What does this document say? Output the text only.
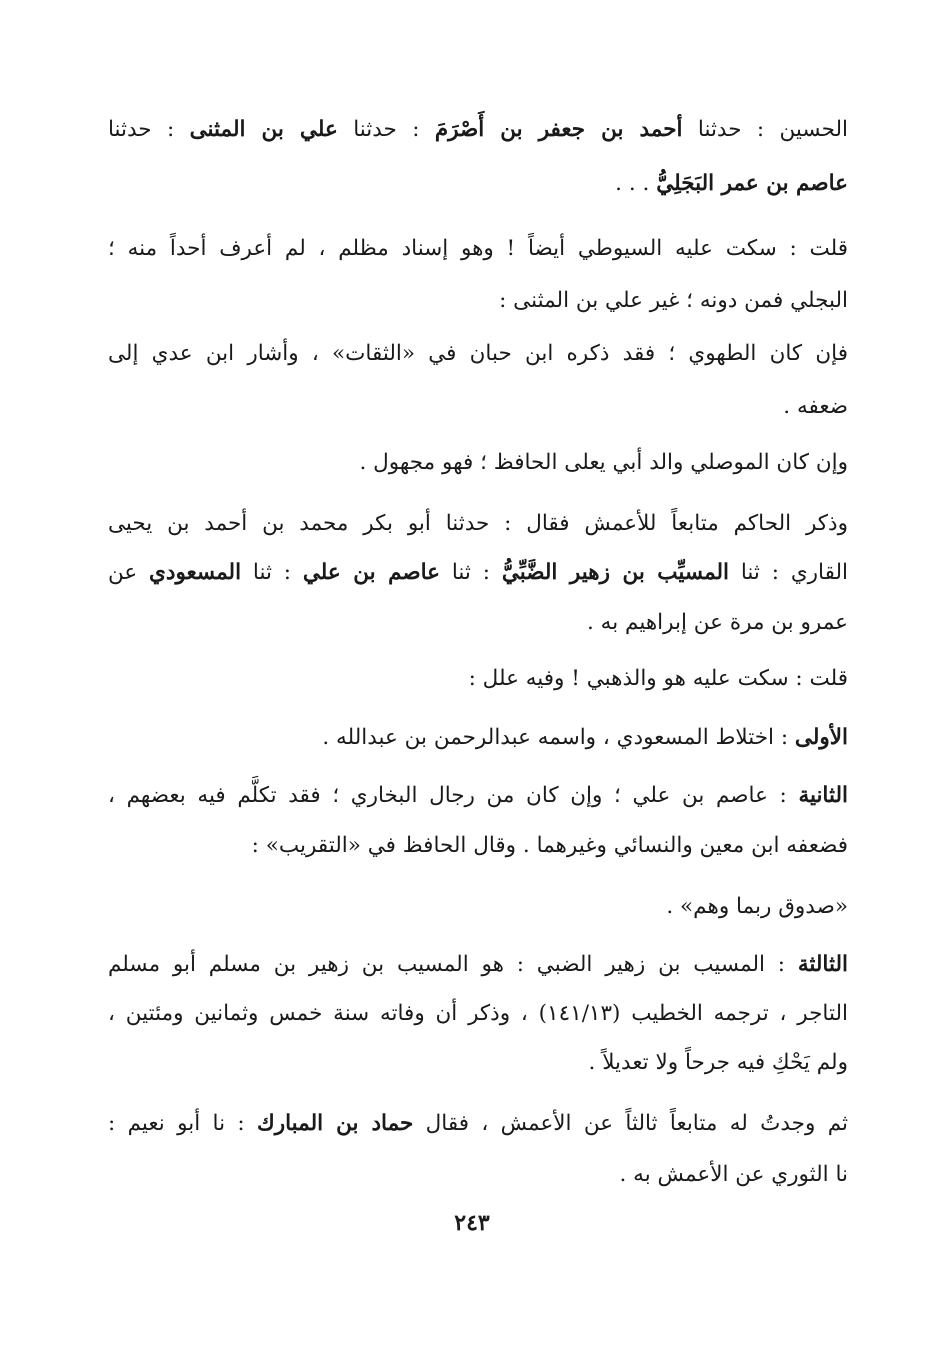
الحسين : حدثنا أحمد بن جعفر بن أَصْرَمَ : حدثنا علي بن المثنى : حدثنا
عاصم بن عمر البَجَلِيُّ . . .
قلت : سكت عليه السيوطي أيضاً ! وهو إسناد مظلم ، لم أعرف أحداً منه ؛
البجلي فمن دونه ؛ غير علي بن المثنى :
فإن كان الطهوي ؛ فقد ذكره ابن حبان في «الثقات» ، وأشار ابن عدي إلى
ضعفه .
وإن كان الموصلي والد أبي يعلى الحافظ ؛ فهو مجهول .
وذكر الحاكم متابعاً للأعمش فقال : حدثنا أبو بكر محمد بن أحمد بن يحيى
القاري : ثنا المسيِّب بن زهير الضَّبِّيُّ : ثنا عاصم بن علي : ثنا المسعودي عن
عمرو بن مرة عن إبراهيم به .
قلت : سكت عليه هو والذهبي ! وفيه علل :
الأولى : اختلاط المسعودي ، واسمه عبدالرحمن بن عبدالله .
الثانية : عاصم بن علي ؛ وإن كان من رجال البخاري ؛ فقد تكلَّم فيه بعضهم ،
فضعفه ابن معين والنسائي وغيرهما . وقال الحافظ في «التقريب» :
«صدوق ربما وهم» .
الثالثة : المسيب بن زهير الضبي : هو المسيب بن زهير بن مسلم أبو مسلم
التاجر ، ترجمه الخطيب (١٤١/١٣) ، وذكر أن وفاته سنة خمس وثمانين ومئتين ،
ولم يَحْكِ فيه جرحاً ولا تعديلاً .
ثم وجدتُ له متابعاً ثالثاً عن الأعمش ، فقال حماد بن المبارك : نا أبو نعيم :
نا الثوري عن الأعمش به .
٢٤٣
